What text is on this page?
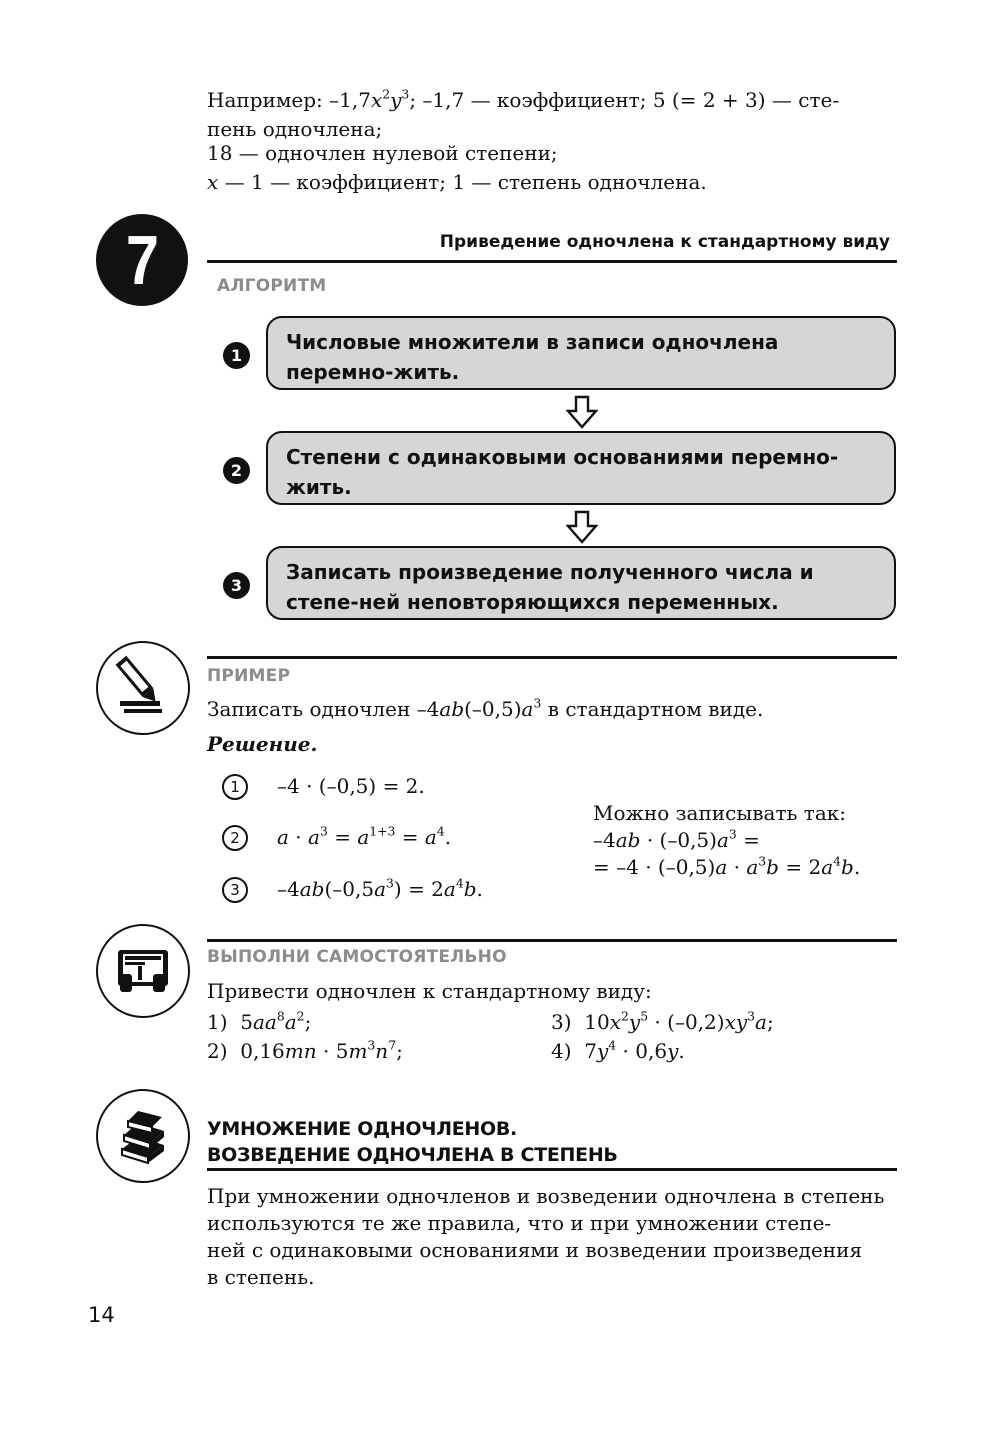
Например: $-1,7x^2y^3$; –1,7 — коэффициент; 5 (= 2 + 3) — сте-
пень одночлена;
18 — одночлен нулевой степени;
x — 1 — коэффициент; 1 — степень одночлена.
7	Приведение одночлена к стандартному виду
АЛГОРИТМ
1
Числовые множители в записи одночлена перемно-жить.
2
Степени с одинаковыми основаниями перемно-жить.
3
Записать произведение полученного числа и степе-ней неповторяющихся переменных.
ПРИМЕР
Записать одночлен $-4ab(-0,5)a^3$ в стандартном виде.
Решение.
1	–4 · (–0,5) = 2.
2	$a \cdot a^3 = a^{1+3} = a^4$.
3	$-4ab(-0,5a^3) = 2a^4b$.
Можно записывать так:
$-4ab \cdot (-0,5)a^3$ =
= $-4 \cdot (-0,5)a \cdot a^3b = 2a^4b$.
ВЫПОЛНИ САМОСТОЯТЕЛЬНО
Привести одночлен к стандартному виду:
1) $5aa^8a^2$;
2) $0,16mn \cdot 5m^3n^7$;
3) $10x^2y^5 \cdot (-0,2)xy^3a$;
4) $7y^4 \cdot 0,6y$.
УМНОЖЕНИЕ ОДНОЧЛЕНОВ.
ВОЗВЕДЕНИЕ ОДНОЧЛЕНА В СТЕПЕНЬ
При умножении одночленов и возведении одночлена в степень
используются те же правила, что и при умножении степе-
ней с одинаковыми основаниями и возведении произведения
в степень.
14
